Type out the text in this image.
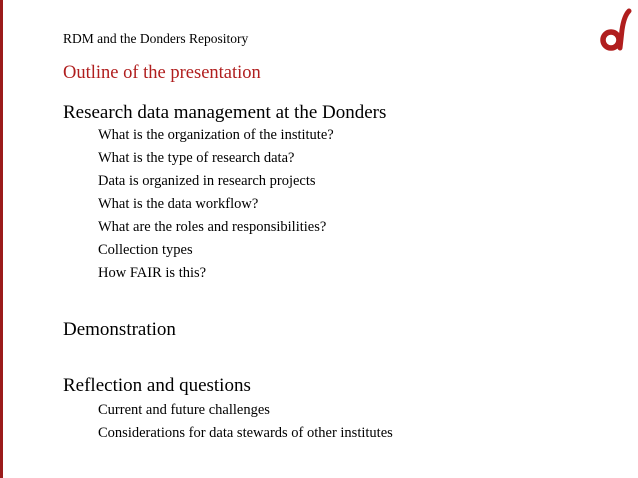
RDM and the Donders Repository
Outline of the presentation
Research data management at the Donders
What is the organization of the institute?
What is the type of research data?
Data is organized in research projects
What is the data workflow?
What are the roles and responsibilities?
Collection types
How FAIR is this?
Demonstration
Reflection and questions
Current and future challenges
Considerations for data stewards of other institutes
